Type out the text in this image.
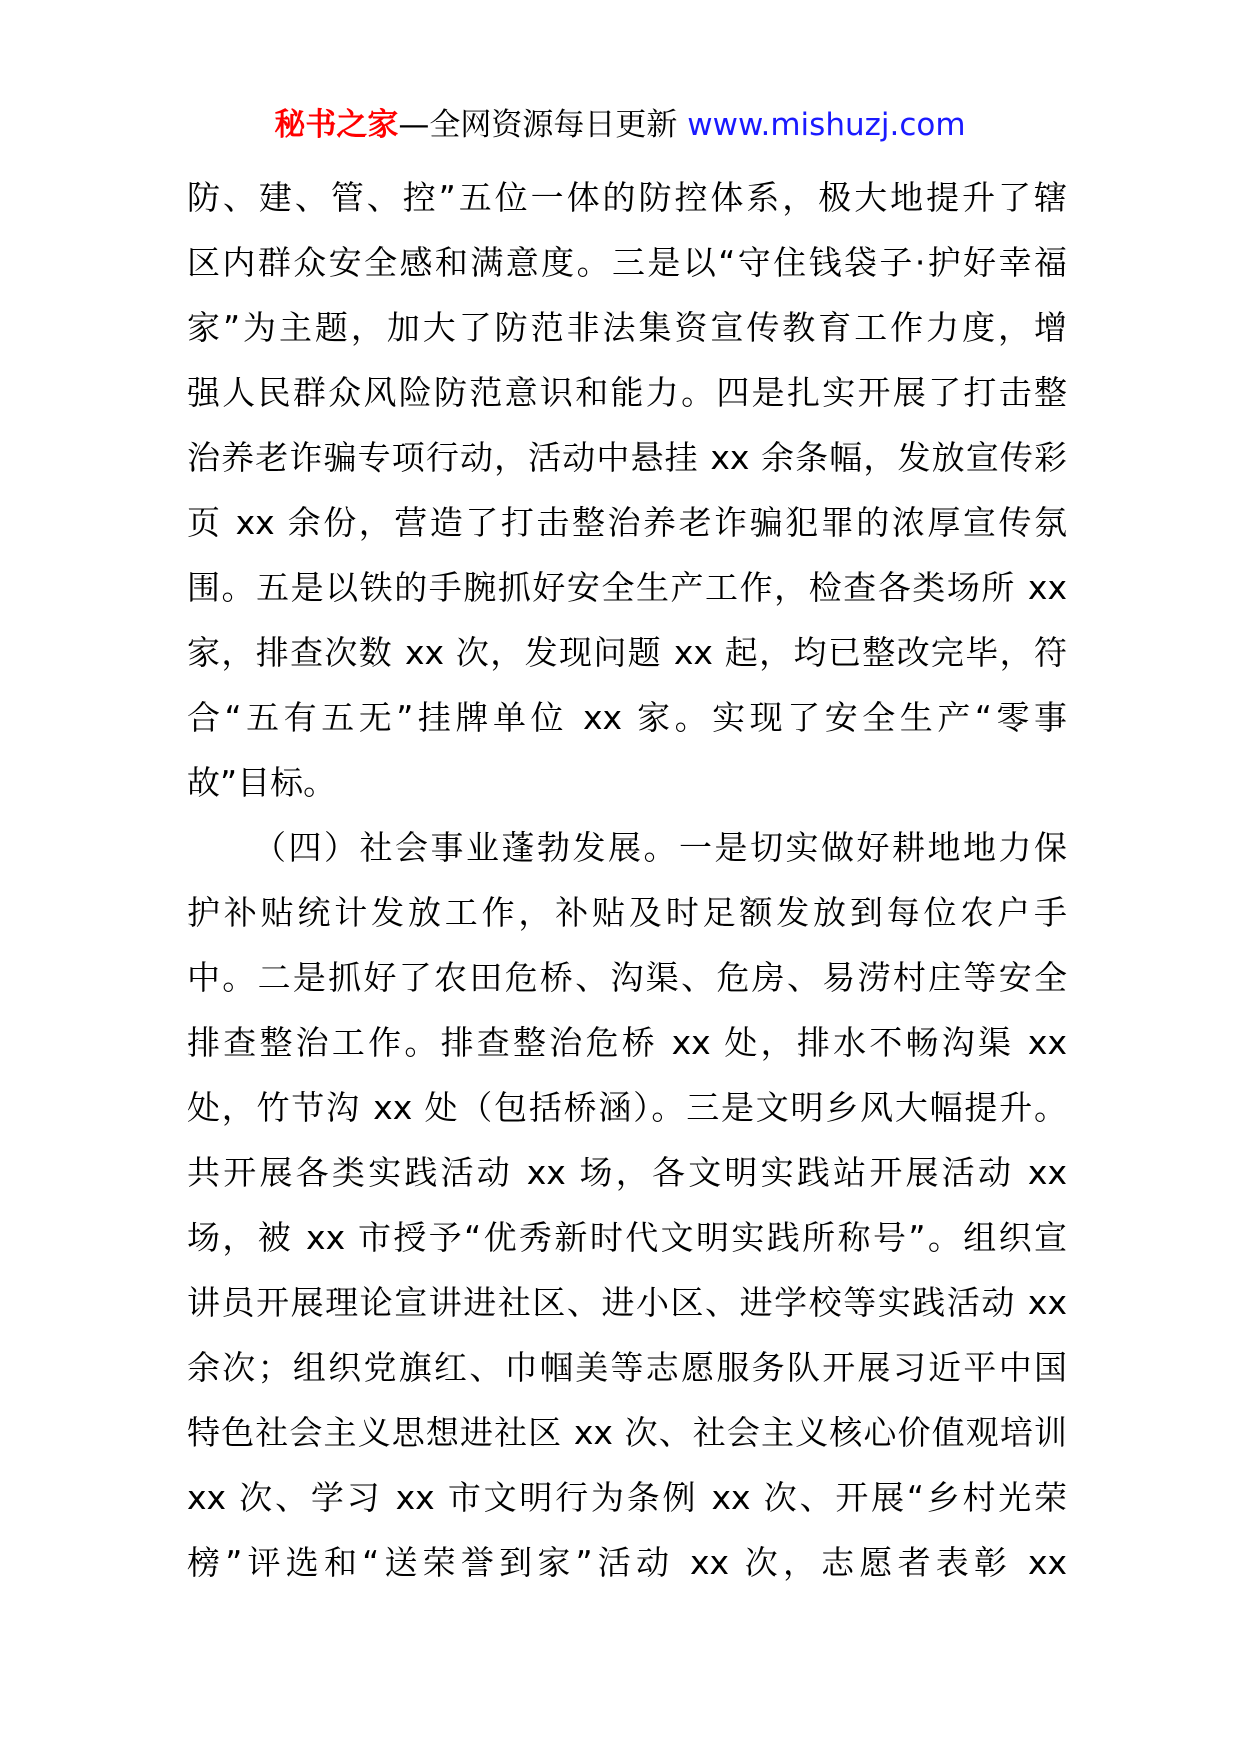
秘书之家—全网资源每日更新 www.mishuzj.com
防、建、管、控”五位一体的防控体系，极大地提升了辖
区内群众安全感和满意度。三是以“守住钱袋子·护好幸福
家”为主题，加大了防范非法集资宣传教育工作力度，增
强人民群众风险防范意识和能力。四是扎实开展了打击整
治养老诈骗专项行动，活动中悬挂 xx 余条幅，发放宣传彩
页 xx 余份，营造了打击整治养老诈骗犯罪的浓厚宣传氛
围。五是以铁的手腕抓好安全生产工作，检查各类场所 xx
家，排查次数 xx 次，发现问题 xx 起，均已整改完毕，符
合“五有五无”挂牌单位 xx 家。实现了安全生产“零事
故”目标。
（四）社会事业蓬勃发展。一是切实做好耕地地力保
护补贴统计发放工作，补贴及时足额发放到每位农户手
中。二是抓好了农田危桥、沟渠、危房、易涝村庄等安全
排查整治工作。排查整治危桥 xx 处，排水不畅沟渠 xx
处，竹节沟 xx 处（包括桥涵）。三是文明乡风大幅提升。
共开展各类实践活动 xx 场，各文明实践站开展活动 xx
场，被 xx 市授予“优秀新时代文明实践所称号”。组织宣
讲员开展理论宣讲进社区、进小区、进学校等实践活动 xx
余次；组织党旗红、巾帼美等志愿服务队开展习近平中国
特色社会主义思想进社区 xx 次、社会主义核心价值观培训
xx 次、学习 xx 市文明行为条例 xx 次、开展“乡村光荣
榜”评选和“送荣誉到家”活动 xx 次，志愿者表彰 xx
